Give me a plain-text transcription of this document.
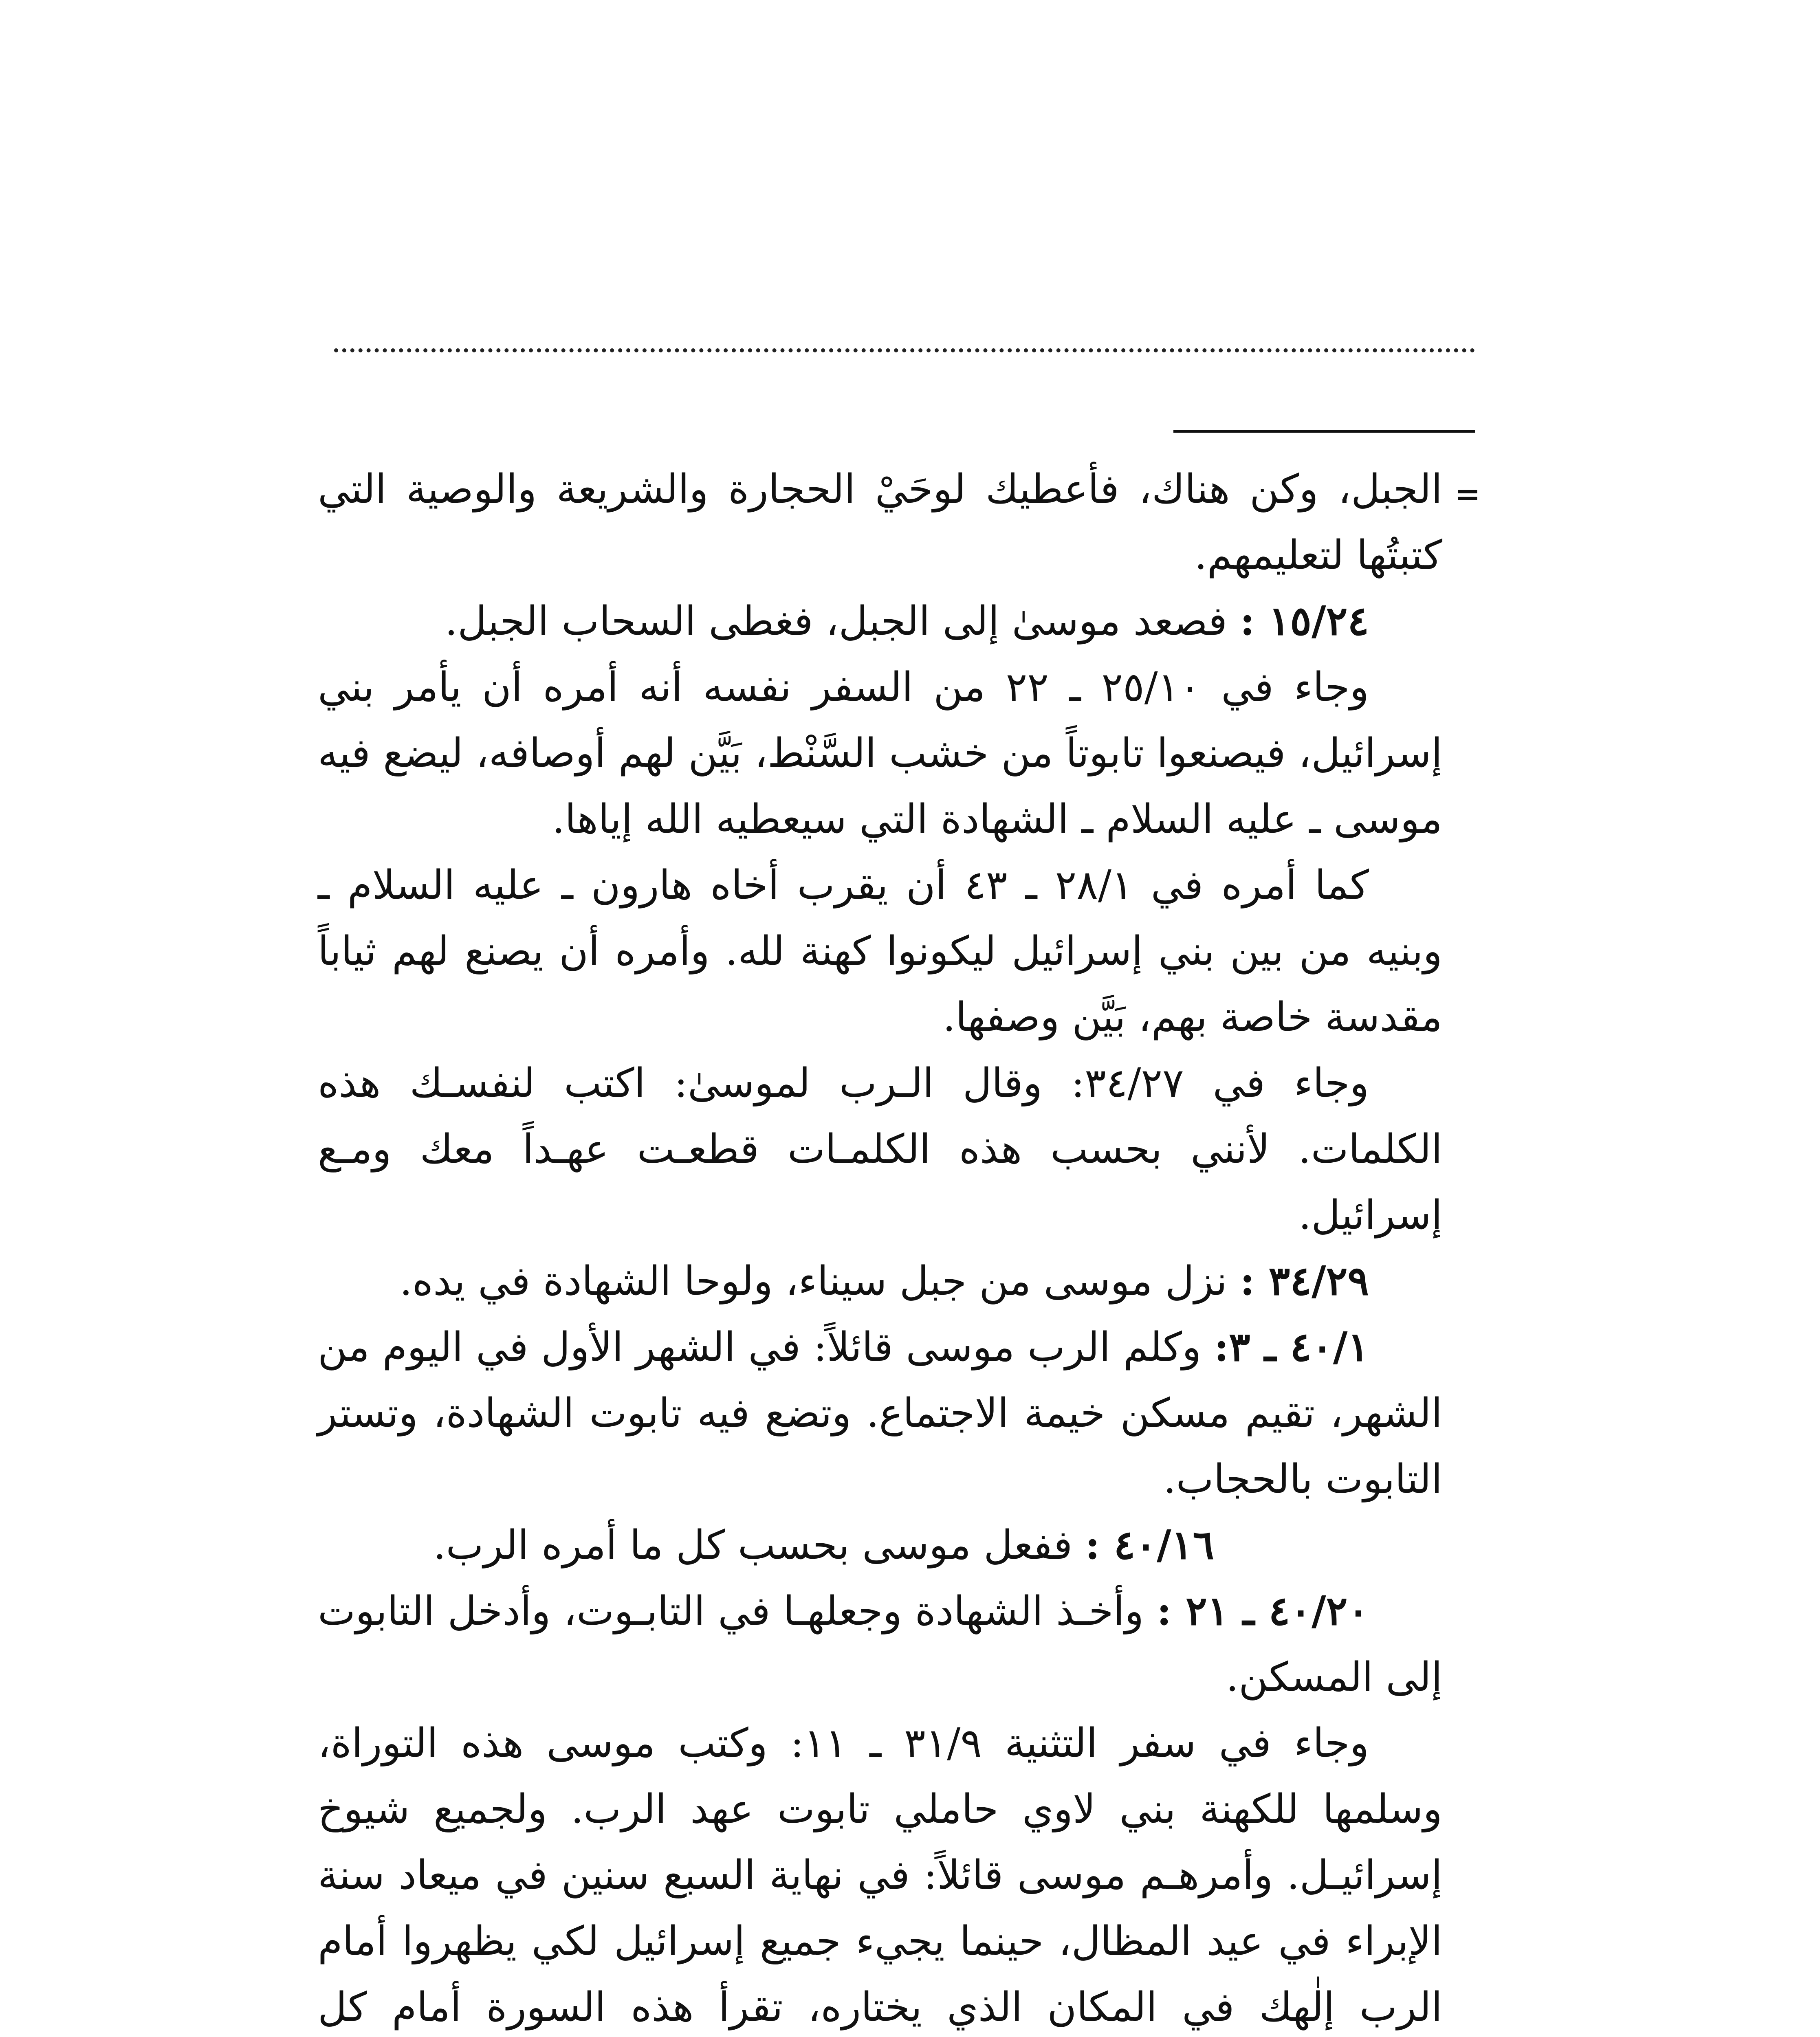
=

الجبل، وكن هناك، فأعطيك لوحَيْ الحجارة والشريعة والوصية التي كتبتُها لتعليمهم.

١٥/٢٤ : فصعد موسىٰ إلى الجبل، فغطى السحاب الجبل.

وجاء في ٢٥/١٠ ـ ٢٢ من السفر نفسه أنه أمره أن يأمر بني إسرائيل، فيصنعوا تابوتاً من خشب السَّنْط، بَيَّن لهم أوصافه، ليضع فيه موسى ـ عليه السلام ـ الشهادة التي سيعطيه الله إياها.

كما أمره في ٢٨/١ ـ ٤٣ أن يقرب أخاه هارون ـ عليه السلام ـ وبنيه من بين بني إسرائيل ليكونوا كهنة لله. وأمره أن يصنع لهم ثياباً مقدسة خاصة بهم، بَيَّن وصفها.

وجاء في ٣٤/٢٧: وقال الـرب لموسىٰ: اكتب لنفسـك هذه الكلمات. لأنني بحسب هذه الكلمـات قطعـت عهـداً معك ومـع إسرائيل.

٣٤/٢٩ : نزل موسى من جبل سيناء، ولوحا الشهادة في يده.

٤٠/١ ـ ٣: وكلم الرب موسى قائلاً: في الشهر الأول في اليوم من الشهر، تقيم مسكن خيمة الاجتماع. وتضع فيه تابوت الشهادة، وتستر التابوت بالحجاب.

٤٠/١٦ : ففعل موسى بحسب كل ما أمره الرب.

٤٠/٢٠ ـ ٢١ : وأخـذ الشهادة وجعلهـا في التابـوت، وأدخل التابوت إلى المسكن.

وجاء في سفر التثنية ٣١/٩ ـ ١١: وكتب موسى هذه التوراة، وسلمها للكهنة بني لاوي حاملي تابوت عهد الرب. ولجميع شيوخ إسرائيـل. وأمرهـم موسى قائلاً: في نهاية السبع سنين في ميعاد سنة الإبراء في عيد المظال، حينما يجيء جميع إسرائيل لكي يظهروا أمام الرب إلٰهك في المكان الذي يختاره، تقرأ هذه السورة أمام كل
